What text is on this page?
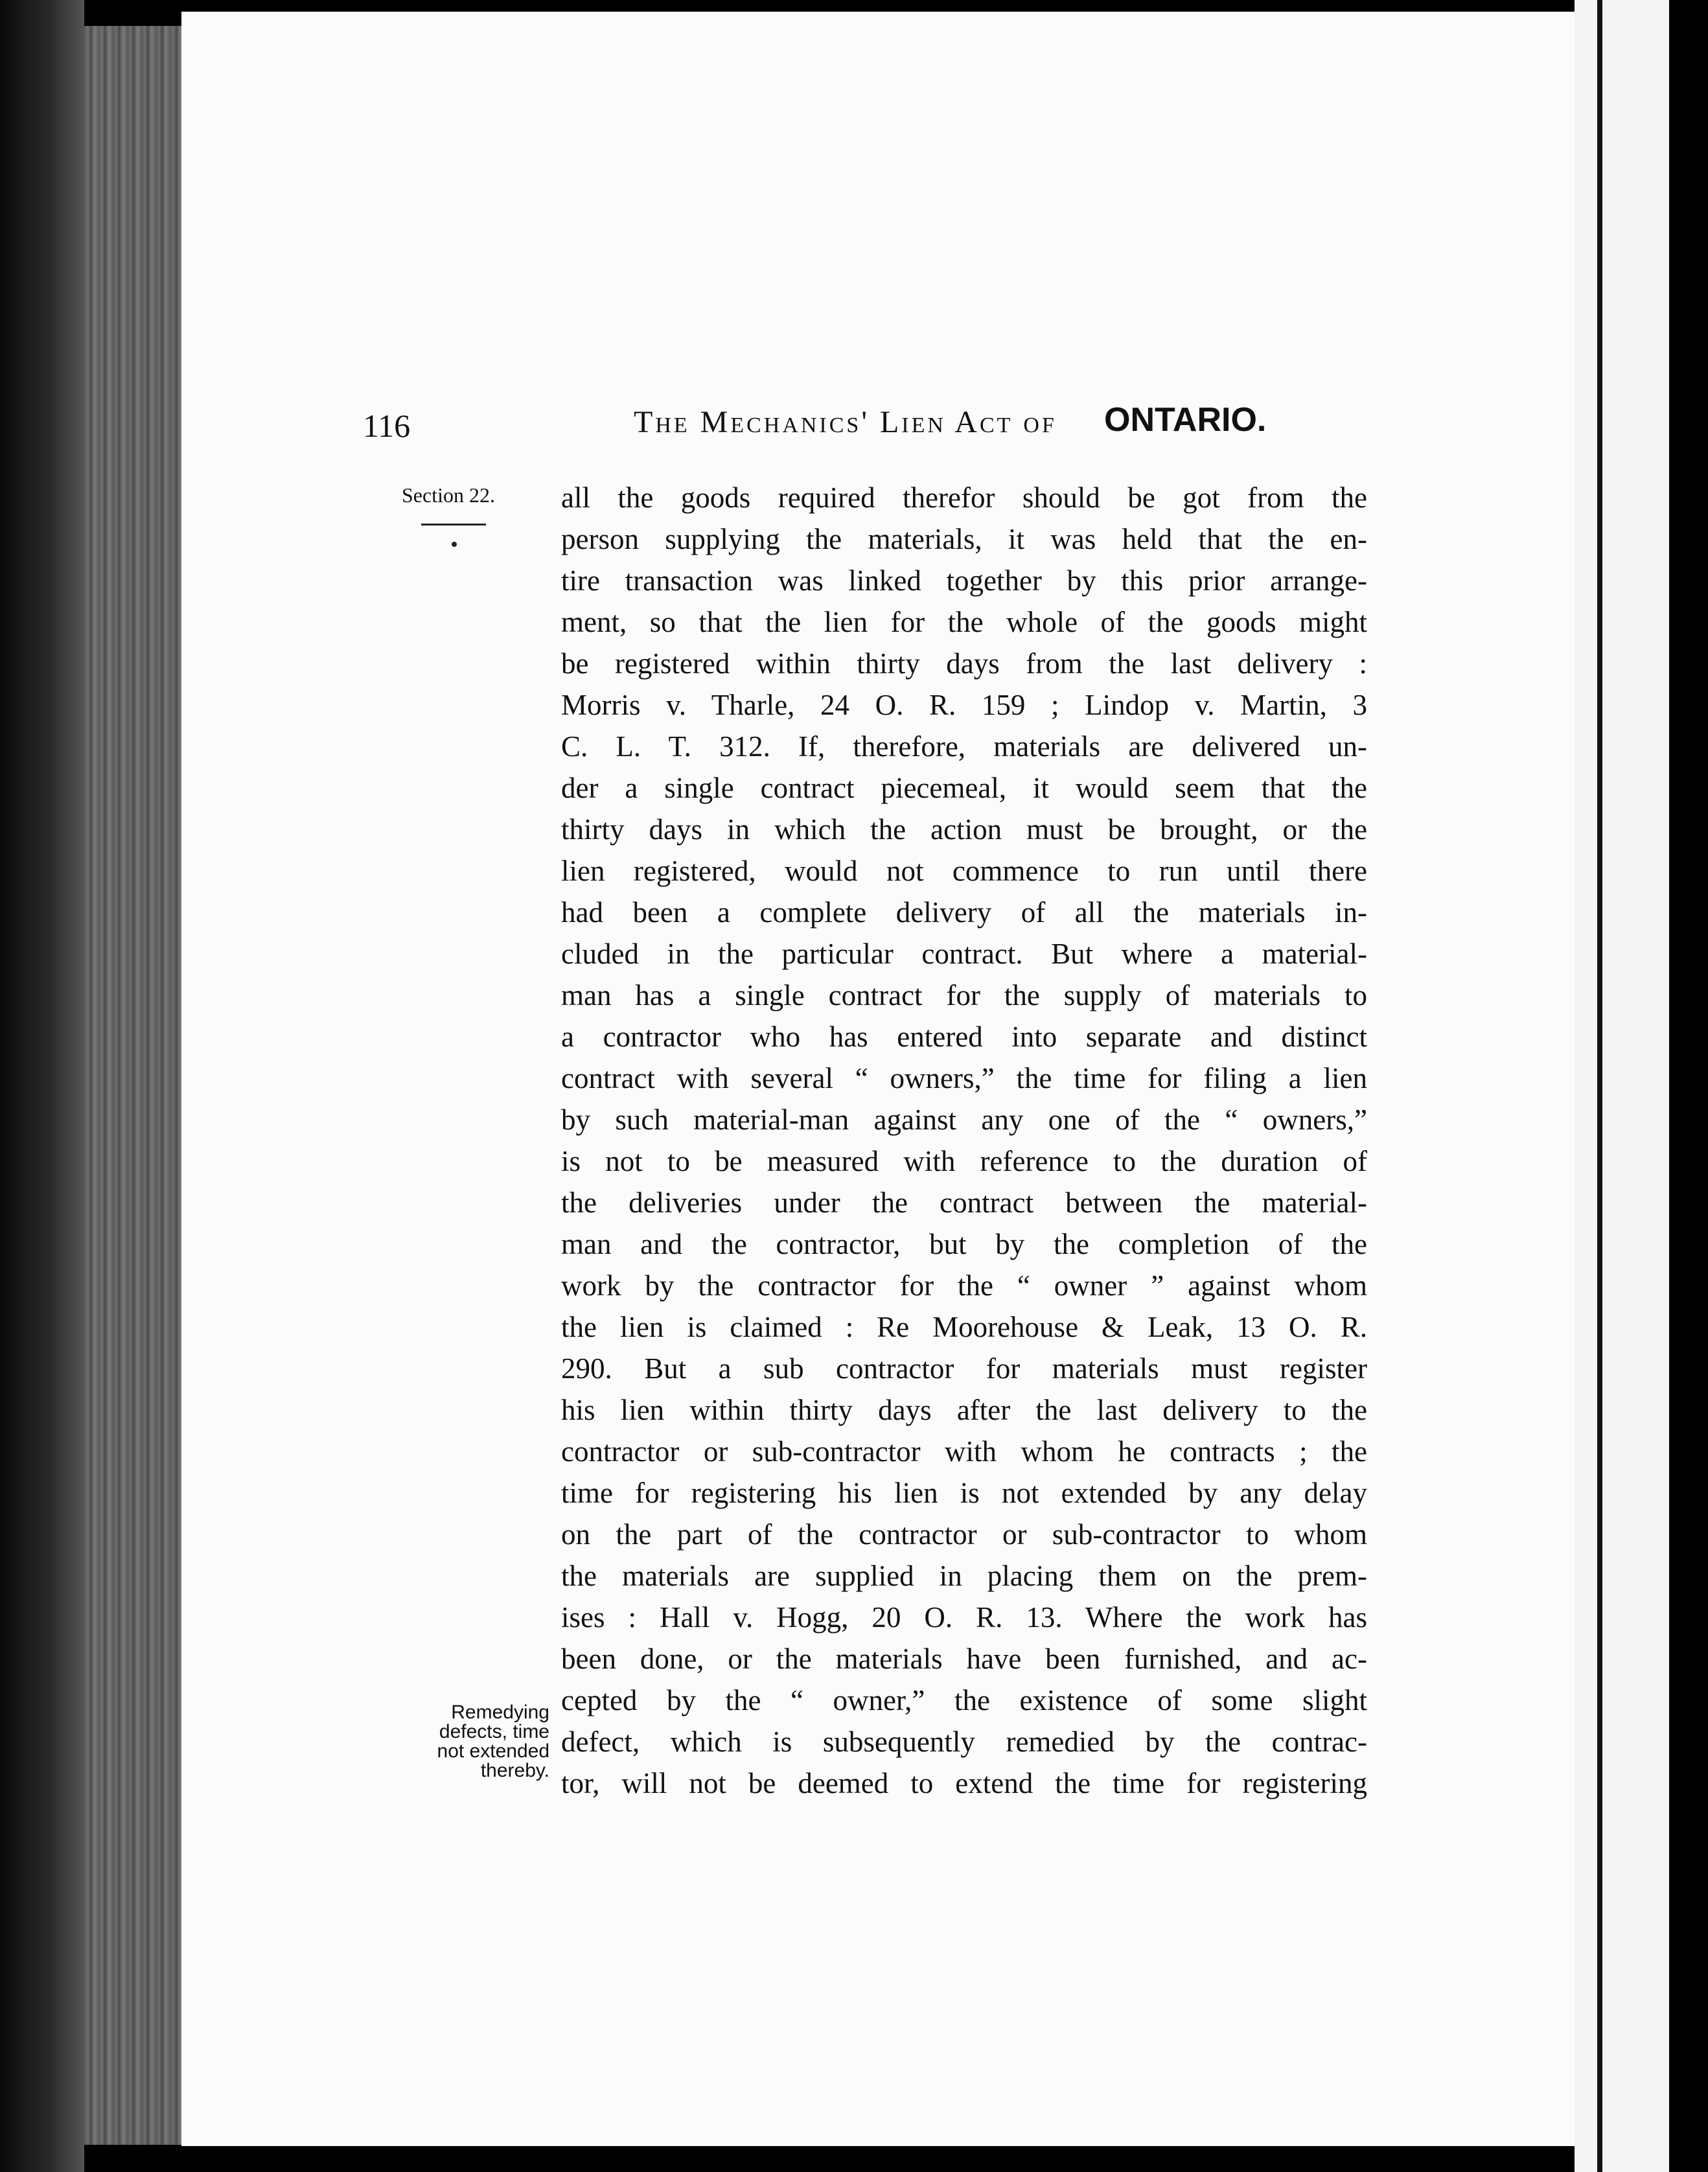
116	The Mechanics' Lien Act of ONTARIO.
Section 22.
Remedying
defects, time
not extended
thereby.
all the goods required therefor should be got from the
person supplying the materials, it was held that the en-
tire transaction was linked together by this prior arrange-
ment, so that the lien for the whole of the goods might
be registered within thirty days from the last delivery :
Morris v. Tharle, 24 O. R. 159 ; Lindop v. Martin, 3
C. L. T. 312. If, therefore, materials are delivered un-
der a single contract piecemeal, it would seem that the
thirty days in which the action must be brought, or the
lien registered, would not commence to run until there
had been a complete delivery of all the materials in-
cluded in the particular contract. But where a material-
man has a single contract for the supply of materials to
a contractor who has entered into separate and distinct
contract with several “ owners,” the time for filing a lien
by such material-man against any one of the “ owners,”
is not to be measured with reference to the duration of
the deliveries under the contract between the material-
man and the contractor, but by the completion of the
work by the contractor for the “ owner ” against whom
the lien is claimed : Re Moorehouse & Leak, 13 O. R.
290. But a sub contractor for materials must register
his lien within thirty days after the last delivery to the
contractor or sub-contractor with whom he contracts ; the
time for registering his lien is not extended by any delay
on the part of the contractor or sub-contractor to whom
the materials are supplied in placing them on the prem-
ises : Hall v. Hogg, 20 O. R. 13. Where the work has
been done, or the materials have been furnished, and ac-
cepted by the “ owner,” the existence of some slight
defect, which is subsequently remedied by the contrac-
tor, will not be deemed to extend the time for registering
